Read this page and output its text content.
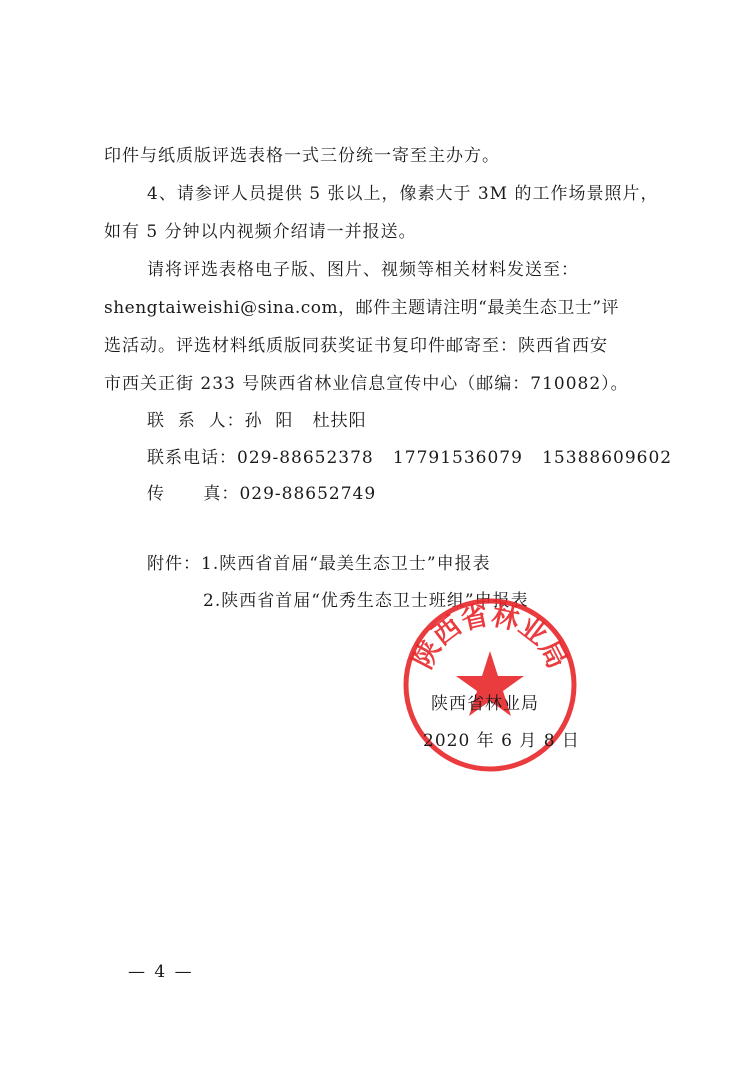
印件与纸质版评选表格一式三份统一寄至主办方。
4、请参评人员提供 5 张以上，像素大于 3M 的工作场景照片，
如有 5 分钟以内视频介绍请一并报送。
请将评选表格电子版、图片、视频等相关材料发送至：
shengtaiweishi@sina.com，邮件主题请注明“最美生态卫士”评
选活动。评选材料纸质版同获奖证书复印件邮寄至：陕西省西安
市西关正街 233 号陕西省林业信息宣传中心（邮编：710082）。
联  系  人：孙  阳   杜扶阳
联系电话：029-88652378   17791536079   15388609602
传      真：029-88652749
附件：1.陕西省首届“最美生态卫士”申报表
2.陕西省首届“优秀生态卫士班组”申报表
陕西省林业局
陕西省林业局
2020 年 6 月 8 日
— 4 —
